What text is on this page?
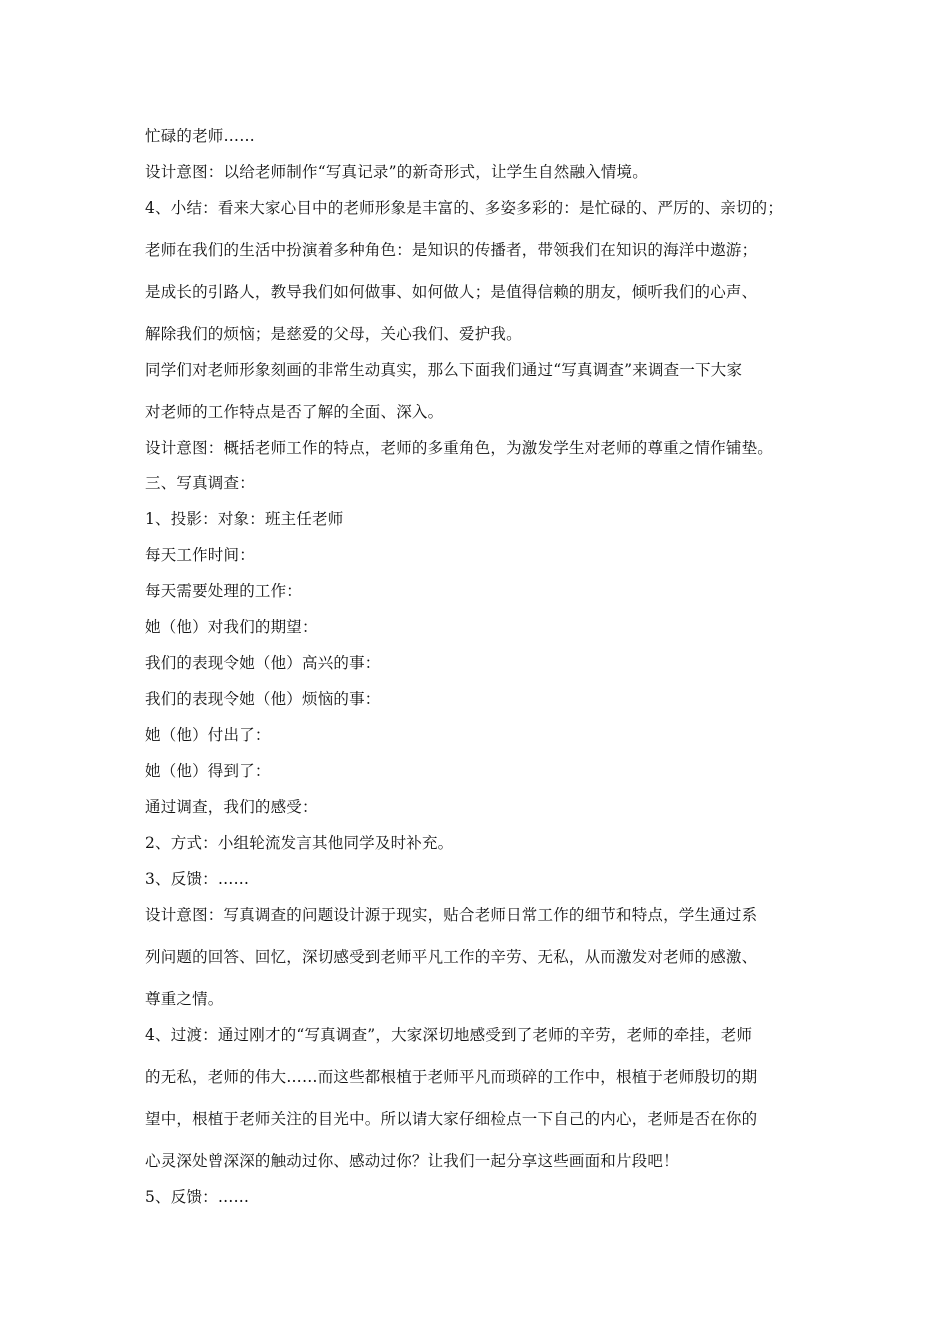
忙碌的老师……
设计意图：以给老师制作“写真记录”的新奇形式，让学生自然融入情境。
4、小结：看来大家心目中的老师形象是丰富的、多姿多彩的：是忙碌的、严厉的、亲切的；
老师在我们的生活中扮演着多种角色：是知识的传播者，带领我们在知识的海洋中遨游；
是成长的引路人，教导我们如何做事、如何做人；是值得信赖的朋友，倾听我们的心声、
解除我们的烦恼；是慈爱的父母，关心我们、爱护我。
同学们对老师形象刻画的非常生动真实，那么下面我们通过“写真调查”来调查一下大家
对老师的工作特点是否了解的全面、深入。
设计意图：概括老师工作的特点，老师的多重角色，为激发学生对老师的尊重之情作铺垫。
三、写真调查：
1、投影：对象：班主任老师
每天工作时间：
每天需要处理的工作：
她（他）对我们的期望：
我们的表现令她（他）高兴的事：
我们的表现令她（他）烦恼的事：
她（他）付出了：
她（他）得到了：
通过调查，我们的感受：
2、方式：小组轮流发言其他同学及时补充。
3、反馈：……
设计意图：写真调查的问题设计源于现实，贴合老师日常工作的细节和特点，学生通过系
列问题的回答、回忆，深切感受到老师平凡工作的辛劳、无私，从而激发对老师的感激、
尊重之情。
4、过渡：通过刚才的“写真调查”，大家深切地感受到了老师的辛劳，老师的牵挂，老师
的无私，老师的伟大……而这些都根植于老师平凡而琐碎的工作中，根植于老师殷切的期
望中，根植于老师关注的目光中。所以请大家仔细检点一下自己的内心，老师是否在你的
心灵深处曾深深的触动过你、感动过你？让我们一起分享这些画面和片段吧！
5、反馈：……
